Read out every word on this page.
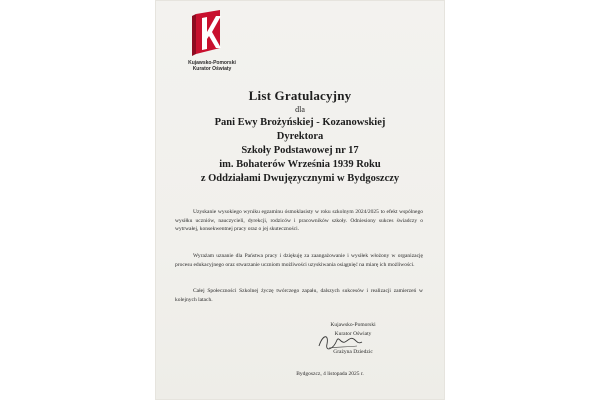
Kujawsko-Pomorski
Kurator Oświaty
List Gratulacyjny
dla
Pani Ewy Brożyńskiej - Kozanowskiej
Dyrektora
Szkoły Podstawowej nr 17
im. Bohaterów Września 1939 Roku
z Oddziałami Dwujęzycznymi w Bydgoszczy
Uzyskanie wysokiego wyniku egzaminu ósmoklasisty w roku szkolnym 2024/2025 to efekt wspólnego wysiłku uczniów, nauczycieli, dyrekcji, rodziców i pracowników szkoły. Odniesiony sukces świadczy o wytrwałej, konsekwentnej pracy oraz o jej skuteczności.
Wyrażam uznanie dla Państwa pracy i dziękuję za zaangażowanie i wysiłek włożony w organizację procesu edukacyjnego oraz stwarzanie uczniom możliwości uzyskiwania osiągnięć na miarę ich możliwości.
Całej Społeczności Szkolnej życzę twórczego zapału, dalszych sukcesów i realizacji zamierzeń w kolejnych latach.
Kujawsko-Pomorski
Kurator Oświaty
Grażyna Dziedzic
Bydgoszcz, 4 listopada 2025 r.
